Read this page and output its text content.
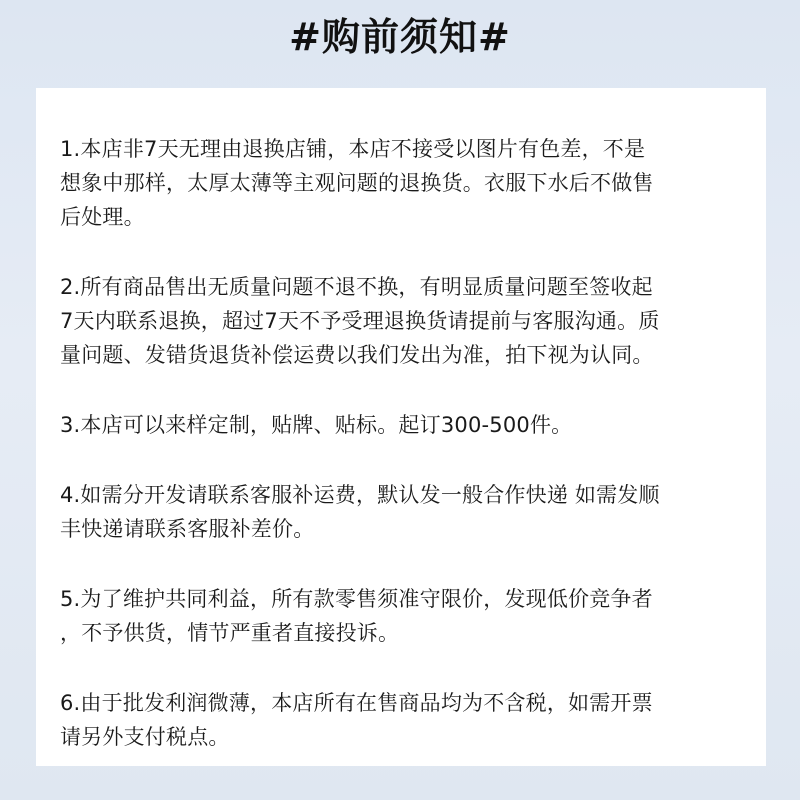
#购前须知#

1.本店非7天无理由退换店铺，本店不接受以图片有色差，不是
想象中那样，太厚太薄等主观问题的退换货。衣服下水后不做售
后处理。

2.所有商品售出无质量问题不退不换，有明显质量问题至签收起
7天内联系退换，超过7天不予受理退换货请提前与客服沟通。质
量问题、发错货退货补偿运费以我们发出为准，拍下视为认同。

3.本店可以来样定制，贴牌、贴标。起订300-500件。

4.如需分开发请联系客服补运费，默认发一般合作快递 如需发顺
丰快递请联系客服补差价。

5.为了维护共同利益，所有款零售须准守限价，发现低价竞争者
，不予供货，情节严重者直接投诉。

6.由于批发利润微薄，本店所有在售商品均为不含税，如需开票
请另外支付税点。
